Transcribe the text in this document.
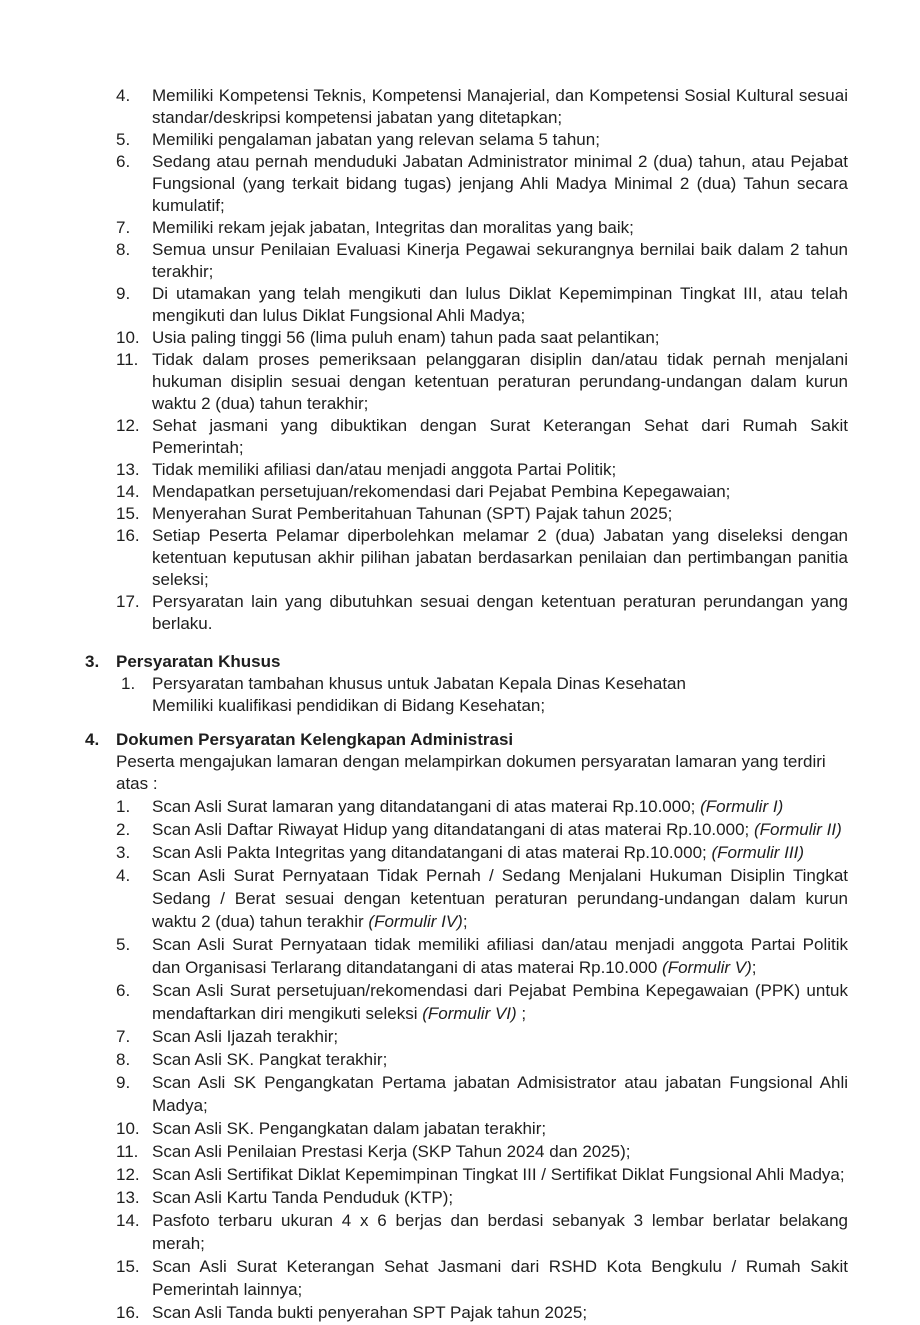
4.	Memiliki Kompetensi Teknis, Kompetensi Manajerial, dan Kompetensi Sosial Kultural sesuai standar/deskripsi kompetensi jabatan yang ditetapkan;
5.	Memiliki pengalaman jabatan yang relevan selama 5 tahun;
6.	Sedang atau pernah menduduki Jabatan Administrator minimal 2 (dua) tahun, atau Pejabat Fungsional (yang terkait bidang tugas) jenjang Ahli Madya Minimal 2 (dua) Tahun secara kumulatif;
7.	Memiliki rekam jejak jabatan, Integritas dan moralitas yang baik;
8.	Semua unsur Penilaian Evaluasi Kinerja Pegawai sekurangnya bernilai baik dalam 2 tahun terakhir;
9.	Di utamakan yang telah mengikuti dan lulus Diklat Kepemimpinan Tingkat III, atau telah mengikuti dan lulus Diklat Fungsional Ahli Madya;
10. Usia paling tinggi 56 (lima puluh enam) tahun pada saat pelantikan;
11. Tidak dalam proses pemeriksaan pelanggaran disiplin dan/atau tidak pernah menjalani hukuman disiplin sesuai dengan ketentuan peraturan perundang-undangan dalam kurun waktu 2 (dua) tahun terakhir;
12. Sehat jasmani yang dibuktikan dengan Surat Keterangan Sehat dari Rumah Sakit Pemerintah;
13. Tidak memiliki afiliasi dan/atau menjadi anggota Partai Politik;
14. Mendapatkan persetujuan/rekomendasi dari Pejabat Pembina Kepegawaian;
15. Menyerahan Surat Pemberitahuan Tahunan (SPT) Pajak tahun 2025;
16. Setiap Peserta Pelamar diperbolehkan melamar 2 (dua) Jabatan yang diseleksi dengan ketentuan keputusan akhir pilihan jabatan berdasarkan penilaian dan pertimbangan panitia seleksi;
17. Persyaratan lain yang dibutuhkan sesuai dengan ketentuan peraturan perundangan yang berlaku.
3. Persyaratan Khusus
1. Persyaratan tambahan khusus untuk Jabatan Kepala Dinas Kesehatan
Memiliki kualifikasi pendidikan di Bidang Kesehatan;
4. Dokumen Persyaratan Kelengkapan Administrasi
Peserta mengajukan lamaran dengan melampirkan dokumen persyaratan lamaran yang terdiri atas :
1.	Scan Asli Surat lamaran yang ditandatangani di atas materai Rp.10.000; (Formulir I)
2.	Scan Asli Daftar Riwayat Hidup yang ditandatangani di atas materai Rp.10.000; (Formulir II)
3.	Scan Asli Pakta Integritas yang ditandatangani di atas materai Rp.10.000; (Formulir III)
4.	Scan Asli Surat Pernyataan Tidak Pernah / Sedang Menjalani Hukuman Disiplin Tingkat Sedang / Berat sesuai dengan ketentuan peraturan perundang-undangan dalam kurun waktu 2 (dua) tahun terakhir (Formulir IV);
5.	Scan Asli Surat Pernyataan tidak memiliki afiliasi dan/atau menjadi anggota Partai Politik dan Organisasi Terlarang ditandatangani di atas materai Rp.10.000 (Formulir V);
6.	Scan Asli Surat persetujuan/rekomendasi dari Pejabat Pembina Kepegawaian (PPK) untuk mendaftarkan diri mengikuti seleksi (Formulir VI) ;
7.	Scan Asli Ijazah terakhir;
8.	Scan Asli SK. Pangkat terakhir;
9.	Scan Asli SK Pengangkatan Pertama jabatan Admisistrator atau jabatan Fungsional Ahli Madya;
10. Scan Asli SK. Pengangkatan dalam jabatan terakhir;
11. Scan Asli Penilaian Prestasi Kerja (SKP Tahun 2024 dan 2025);
12. Scan Asli Sertifikat Diklat Kepemimpinan Tingkat III / Sertifikat Diklat Fungsional Ahli Madya;
13. Scan Asli Kartu Tanda Penduduk (KTP);
14. Pasfoto terbaru ukuran 4 x 6 berjas dan berdasi sebanyak 3 lembar berlatar belakang merah;
15. Scan Asli Surat Keterangan Sehat Jasmani dari RSHD Kota Bengkulu / Rumah Sakit Pemerintah lainnya;
16. Scan Asli Tanda bukti penyerahan SPT Pajak tahun 2025;
